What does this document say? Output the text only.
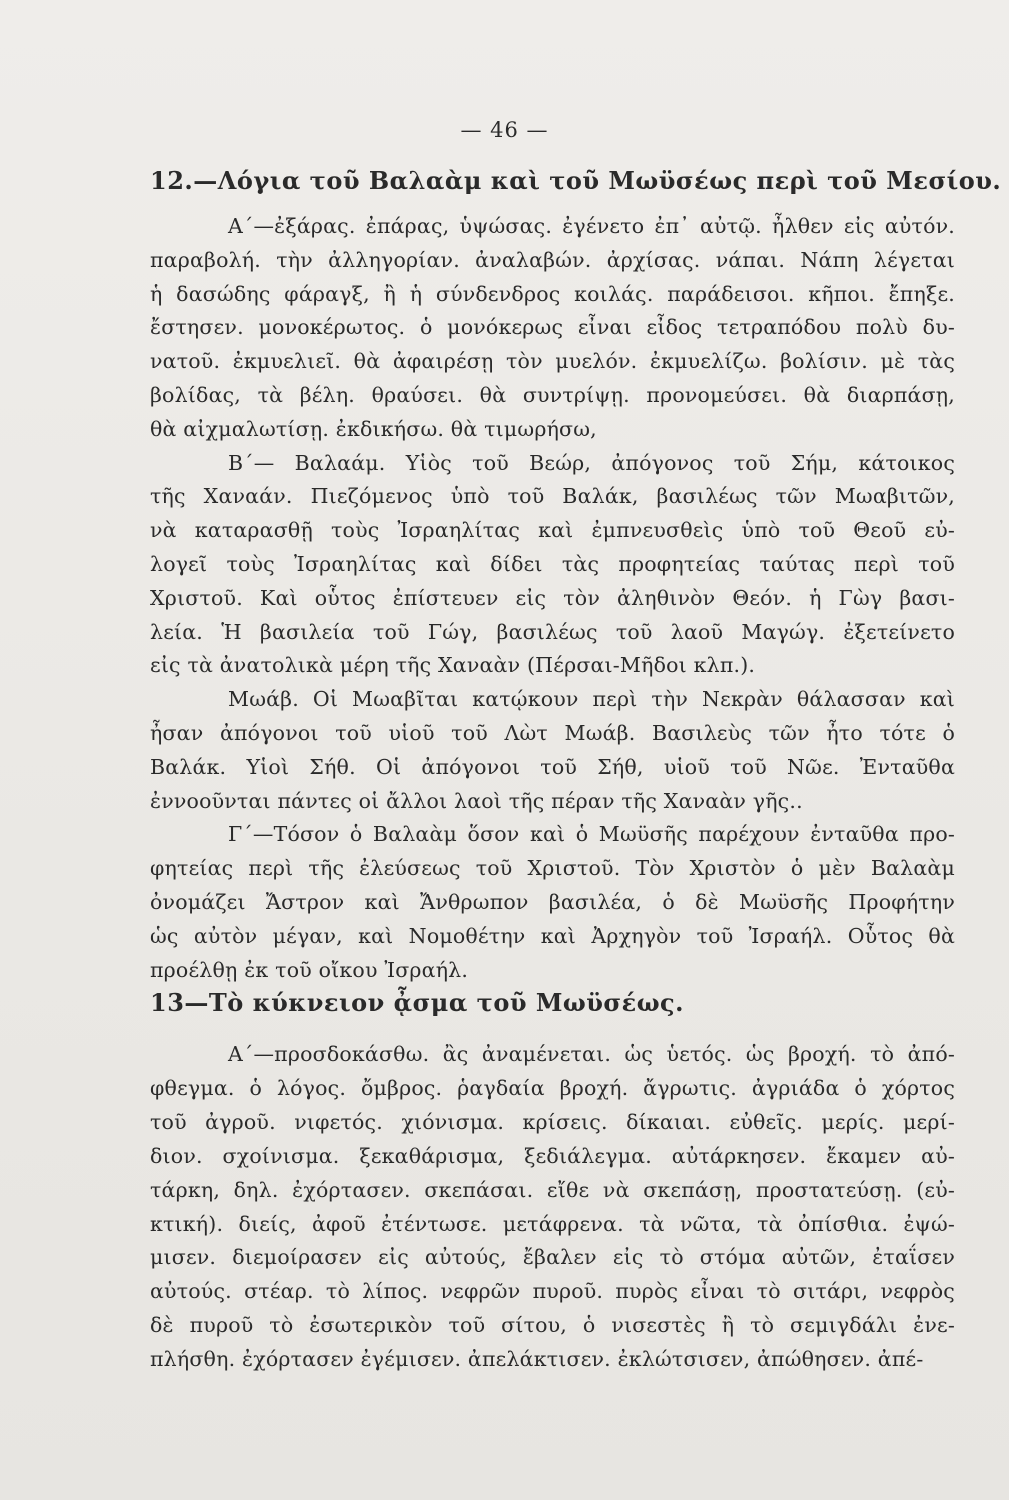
— 46 —
12.—Λόγια τοῦ Βαλαὰμ καὶ τοῦ Μωϋσέως περὶ τοῦ Μεσίου.
Α΄—ἐξάρας. ἐπάρας, ὑψώσας. ἐγένετο ἐπ᾽ αὐτῷ. ἦλθεν εἰς αὐτόν.
παραβολή. τὴν ἀλληγορίαν. ἀναλαβών. ἀρχίσας. νάπαι. Νάπη λέγεται
ἡ δασώδης φάραγξ, ἢ ἡ σύνδενδρος κοιλάς. παράδεισοι. κῆποι. ἔπηξε.
ἔστησεν. μονοκέρωτος. ὁ μονόκερως εἶναι εἶδος τετραπόδου πολὺ δυ-
νατοῦ. ἐκμυελιεῖ. θὰ ἀφαιρέσῃ τὸν μυελόν. ἐκμυελίζω. βολίσιν. μὲ τὰς
βολίδας, τὰ βέλη. θραύσει. θὰ συντρίψῃ. προνομεύσει. θὰ διαρπάσῃ,
θὰ αἰχμαλωτίσῃ. ἐκδικήσω. θὰ τιμωρήσω,
Β΄— Βαλαάμ. Υἱὸς τοῦ Βεώρ, ἀπόγονος τοῦ Σήμ, κάτοικος
τῆς Χαναάν. Πιεζόμενος ὑπὸ τοῦ Βαλάκ, βασιλέως τῶν Μωαβιτῶν,
νὰ καταρασθῇ τοὺς Ἰσραηλίτας καὶ ἐμπνευσθεὶς ὑπὸ τοῦ Θεοῦ εὐ-
λογεῖ τοὺς Ἰσραηλίτας καὶ δίδει τὰς προφητείας ταύτας περὶ τοῦ
Χριστοῦ. Καὶ οὗτος ἐπίστευεν εἰς τὸν ἀληθινὸν Θεόν. ἡ Γὼγ βασι-
λεία. Ἡ βασιλεία τοῦ Γώγ, βασιλέως τοῦ λαοῦ Μαγώγ. ἐξετείνετο
εἰς τὰ ἀνατολικὰ μέρη τῆς Χαναὰν (Πέρσαι-Μῆδοι κλπ.).
Μωάβ. Οἱ Μωαβῖται κατῴκουν περὶ τὴν Νεκρὰν θάλασσαν καὶ
ἦσαν ἀπόγονοι τοῦ υἱοῦ τοῦ Λὼτ Μωάβ. Βασιλεὺς τῶν ἦτο τότε ὁ
Βαλάκ. Υἱοὶ Σήθ. Οἱ ἀπόγονοι τοῦ Σήθ, υἱοῦ τοῦ Νῶε. Ἐνταῦθα
ἐννοοῦνται πάντες οἱ ἄλλοι λαοὶ τῆς πέραν τῆς Χαναὰν γῆς..
Γ΄—Τόσον ὁ Βαλαὰμ ὅσον καὶ ὁ Μωϋσῆς παρέχουν ἐνταῦθα προ-
φητείας περὶ τῆς ἐλεύσεως τοῦ Χριστοῦ. Τὸν Χριστὸν ὁ μὲν Βαλαὰμ
ὀνομάζει Ἄστρον καὶ Ἄνθρωπον βασιλέα, ὁ δὲ Μωϋσῆς Προφήτην
ὡς αὐτὸν μέγαν, καὶ Νομοθέτην καὶ Ἀρχηγὸν τοῦ Ἰσραήλ. Οὗτος θὰ
προέλθῃ ἐκ τοῦ οἴκου Ἰσραήλ.
13—Τὸ κύκνειον ᾆσμα τοῦ Μωϋσέως.
Α΄—προσδοκάσθω. ἂς ἀναμένεται. ὡς ὑετός. ὡς βροχή. τὸ ἀπό-
φθεγμα. ὁ λόγος. ὄμβρος. ῥαγδαία βροχή. ἄγρωτις. ἀγριάδα ὁ χόρτος
τοῦ ἀγροῦ. νιφετός. χιόνισμα. κρίσεις. δίκαιαι. εὐθεῖς. μερίς. μερί-
διον. σχοίνισμα. ξεκαθάρισμα, ξεδιάλεγμα. αὐτάρκησεν. ἔκαμεν αὐ-
τάρκη, δηλ. ἐχόρτασεν. σκεπάσαι. εἴθε νὰ σκεπάσῃ, προστατεύσῃ. (εὐ-
κτική). διείς, ἀφοῦ ἐτέντωσε. μετάφρενα. τὰ νῶτα, τὰ ὀπίσθια. ἐψώ-
μισεν. διεμοίρασεν εἰς αὐτούς, ἔβαλεν εἰς τὸ στόμα αὐτῶν, ἐταΐσεν
αὐτούς. στέαρ. τὸ λίπος. νεφρῶν πυροῦ. πυρὸς εἶναι τὸ σιτάρι, νεφρὸς
δὲ πυροῦ τὸ ἐσωτερικὸν τοῦ σίτου, ὁ νισεστὲς ἢ τὸ σεμιγδάλι ἐνε-
πλήσθη. ἐχόρτασεν ἐγέμισεν. ἀπελάκτισεν. ἐκλώτσισεν, ἀπώθησεν. ἀπέ-
